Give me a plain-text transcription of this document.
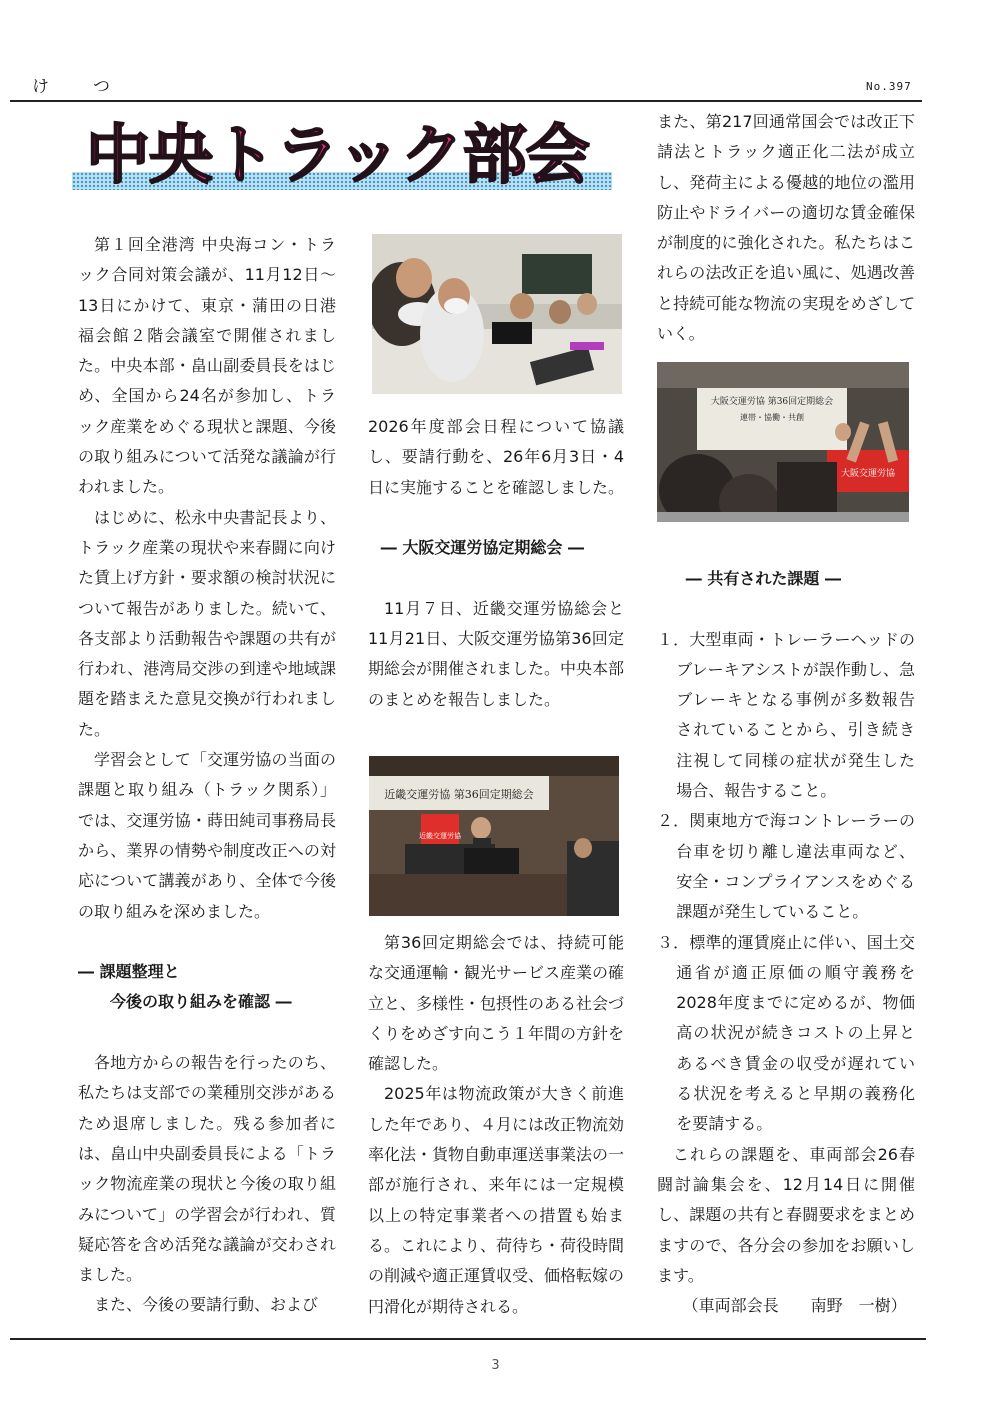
けつ	No.397
中央トラック部会

第１回全港湾 中央海コン・トラック合同対策会議が、11月12日～13日にかけて、東京・蒲田の日港福会館２階会議室で開催されました。中央本部・畠山副委員長をはじめ、全国から24名が参加し、トラック産業をめぐる現状と課題、今後の取り組みについて活発な議論が行われました。

はじめに、松永中央書記長より、トラック産業の現状や来春闘に向けた賃上げ方針・要求額の検討状況について報告がありました。続いて、各支部より活動報告や課題の共有が行われ、港湾局交渉の到達や地域課題を踏まえた意見交換が行われました。

学習会として「交運労協の当面の課題と取り組み（トラック関系）」では、交運労協・蒔田純司事務局長から、業界の情勢や制度改正への対応について講義があり、全体で今後の取り組みを深めました。

― 課題整理と

今後の取り組みを確認 ―

各地方からの報告を行ったのち、私たちは支部での業種別交渉があるため退席しました。残る参加者には、畠山中央副委員長による「トラック物流産業の現状と今後の取り組みについて」の学習会が行われ、質疑応答を含め活発な議論が交わされました。

また、今後の要請行動、および

2026年度部会日程について協議し、要請行動を、26年6月3日・4日に実施することを確認しました。

― 大阪交運労協定期総会 ―

11月７日、近畿交運労協総会と11月21日、大阪交運労協第36回定期総会が開催されました。中央本部のまとめを報告しました。

近畿交運労協 第36回定期総会
近畿交運労協

第36回定期総会では、持続可能な交通運輸・観光サービス産業の確立と、多様性・包摂性のある社会づくりをめざす向こう１年間の方針を確認した。

2025年は物流政策が大きく前進した年であり、４月には改正物流効率化法・貨物自動車運送事業法の一部が施行され、来年には一定規模以上の特定事業者への措置も始まる。これにより、荷待ち・荷役時間の削減や適正運賃収受、価格転嫁の円滑化が期待される。

また、第217回通常国会では改正下請法とトラック適正化二法が成立し、発荷主による優越的地位の濫用防止やドライバーの適切な賃金確保が制度的に強化された。私たちはこれらの法改正を追い風に、処遇改善と持続可能な物流の実現をめざしていく。

大阪交運労協 第36回定期総会
連帯・協働・共創
大阪交運労協

― 共有された課題 ―

１．大型車両・トレーラーヘッドのブレーキアシストが誤作動し、急ブレーキとなる事例が多数報告されていることから、引き続き注視して同様の症状が発生した場合、報告すること。

２．関東地方で海コントレーラーの台車を切り離し違法車両など、安全・コンプライアンスをめぐる課題が発生していること。

３．標準的運賃廃止に伴い、国土交通省が適正原価の順守義務を2028年度までに定めるが、物価高の状況が続きコストの上昇とあるべき賃金の収受が遅れている状況を考えると早期の義務化を要請する。

これらの課題を、車両部会26春闘討論集会を、12月14日に開催し、課題の共有と春闘要求をまとめますので、各分会の参加をお願いします。

（車両部会長　　南野　一樹）

3
